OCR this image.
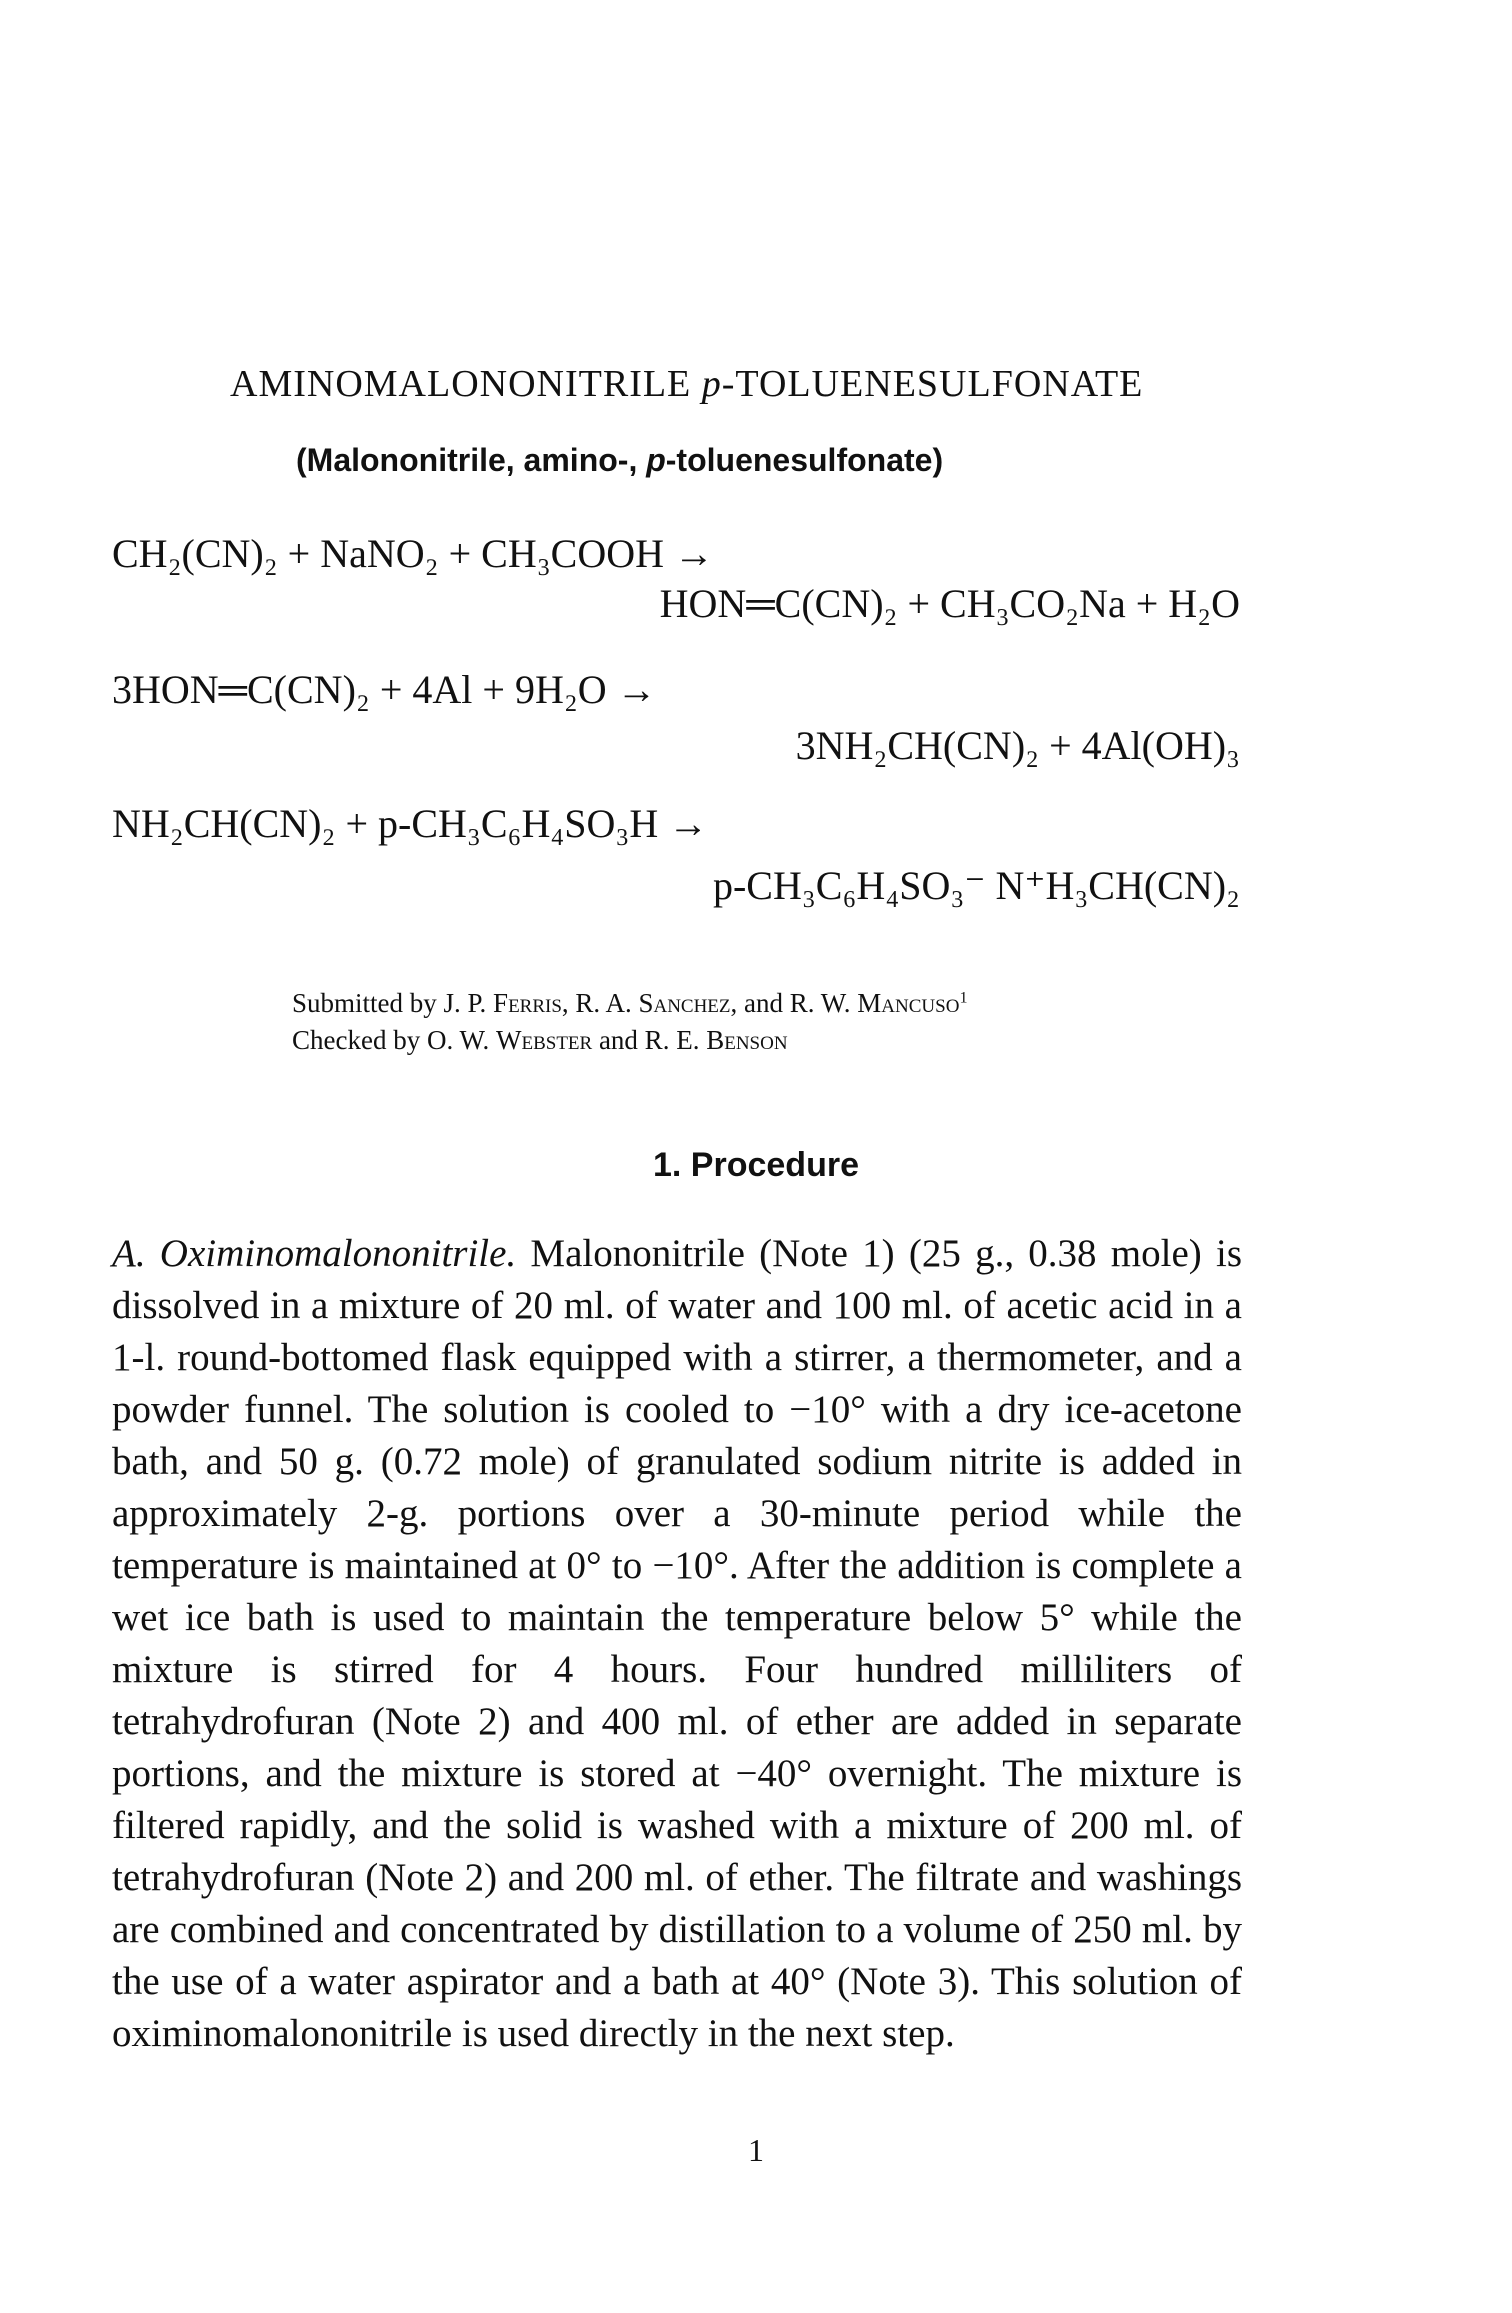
AMINOMALONONITRILE p-TOLUENESULFONATE
(Malononitrile, amino-, p-toluenesulfonate)
CH₂(CN)₂ + NaNO₂ + CH₃COOH →
HON═C(CN)₂ + CH₃CO₂Na + H₂O
3HON═C(CN)₂ + 4Al + 9H₂O →
3NH₂CH(CN)₂ + 4Al(OH)₃
NH₂CH(CN)₂ + p-CH₃C₆H₄SO₃H →
p-CH₃C₆H₄SO₃⁻ N⁺H₃CH(CN)₂
Submitted by J. P. Ferris, R. A. Sanchez, and R. W. Mancuso$^1$
Checked by O. W. Webster and R. E. Benson
1. Procedure
A. Oximinomalononitrile. Malononitrile (Note 1) (25 g., 0.38 mole) is dissolved in a mixture of 20 ml. of water and 100 ml. of acetic acid in a 1-l. round-bottomed flask equipped with a stirrer, a thermometer, and a powder funnel. The solution is cooled to −10° with a dry ice-acetone bath, and 50 g. (0.72 mole) of granulated sodium nitrite is added in approximately 2-g. portions over a 30-minute period while the temperature is maintained at 0° to −10°. After the addition is complete a wet ice bath is used to maintain the temperature below 5° while the mixture is stirred for 4 hours. Four hundred milliliters of tetrahydrofuran (Note 2) and 400 ml. of ether are added in separate portions, and the mixture is stored at −40° overnight. The mixture is filtered rapidly, and the solid is washed with a mixture of 200 ml. of tetrahydrofuran (Note 2) and 200 ml. of ether. The filtrate and washings are combined and concentrated by distillation to a volume of 250 ml. by the use of a water aspirator and a bath at 40° (Note 3). This solution of oximinomalononitrile is used directly in the next step.
1
